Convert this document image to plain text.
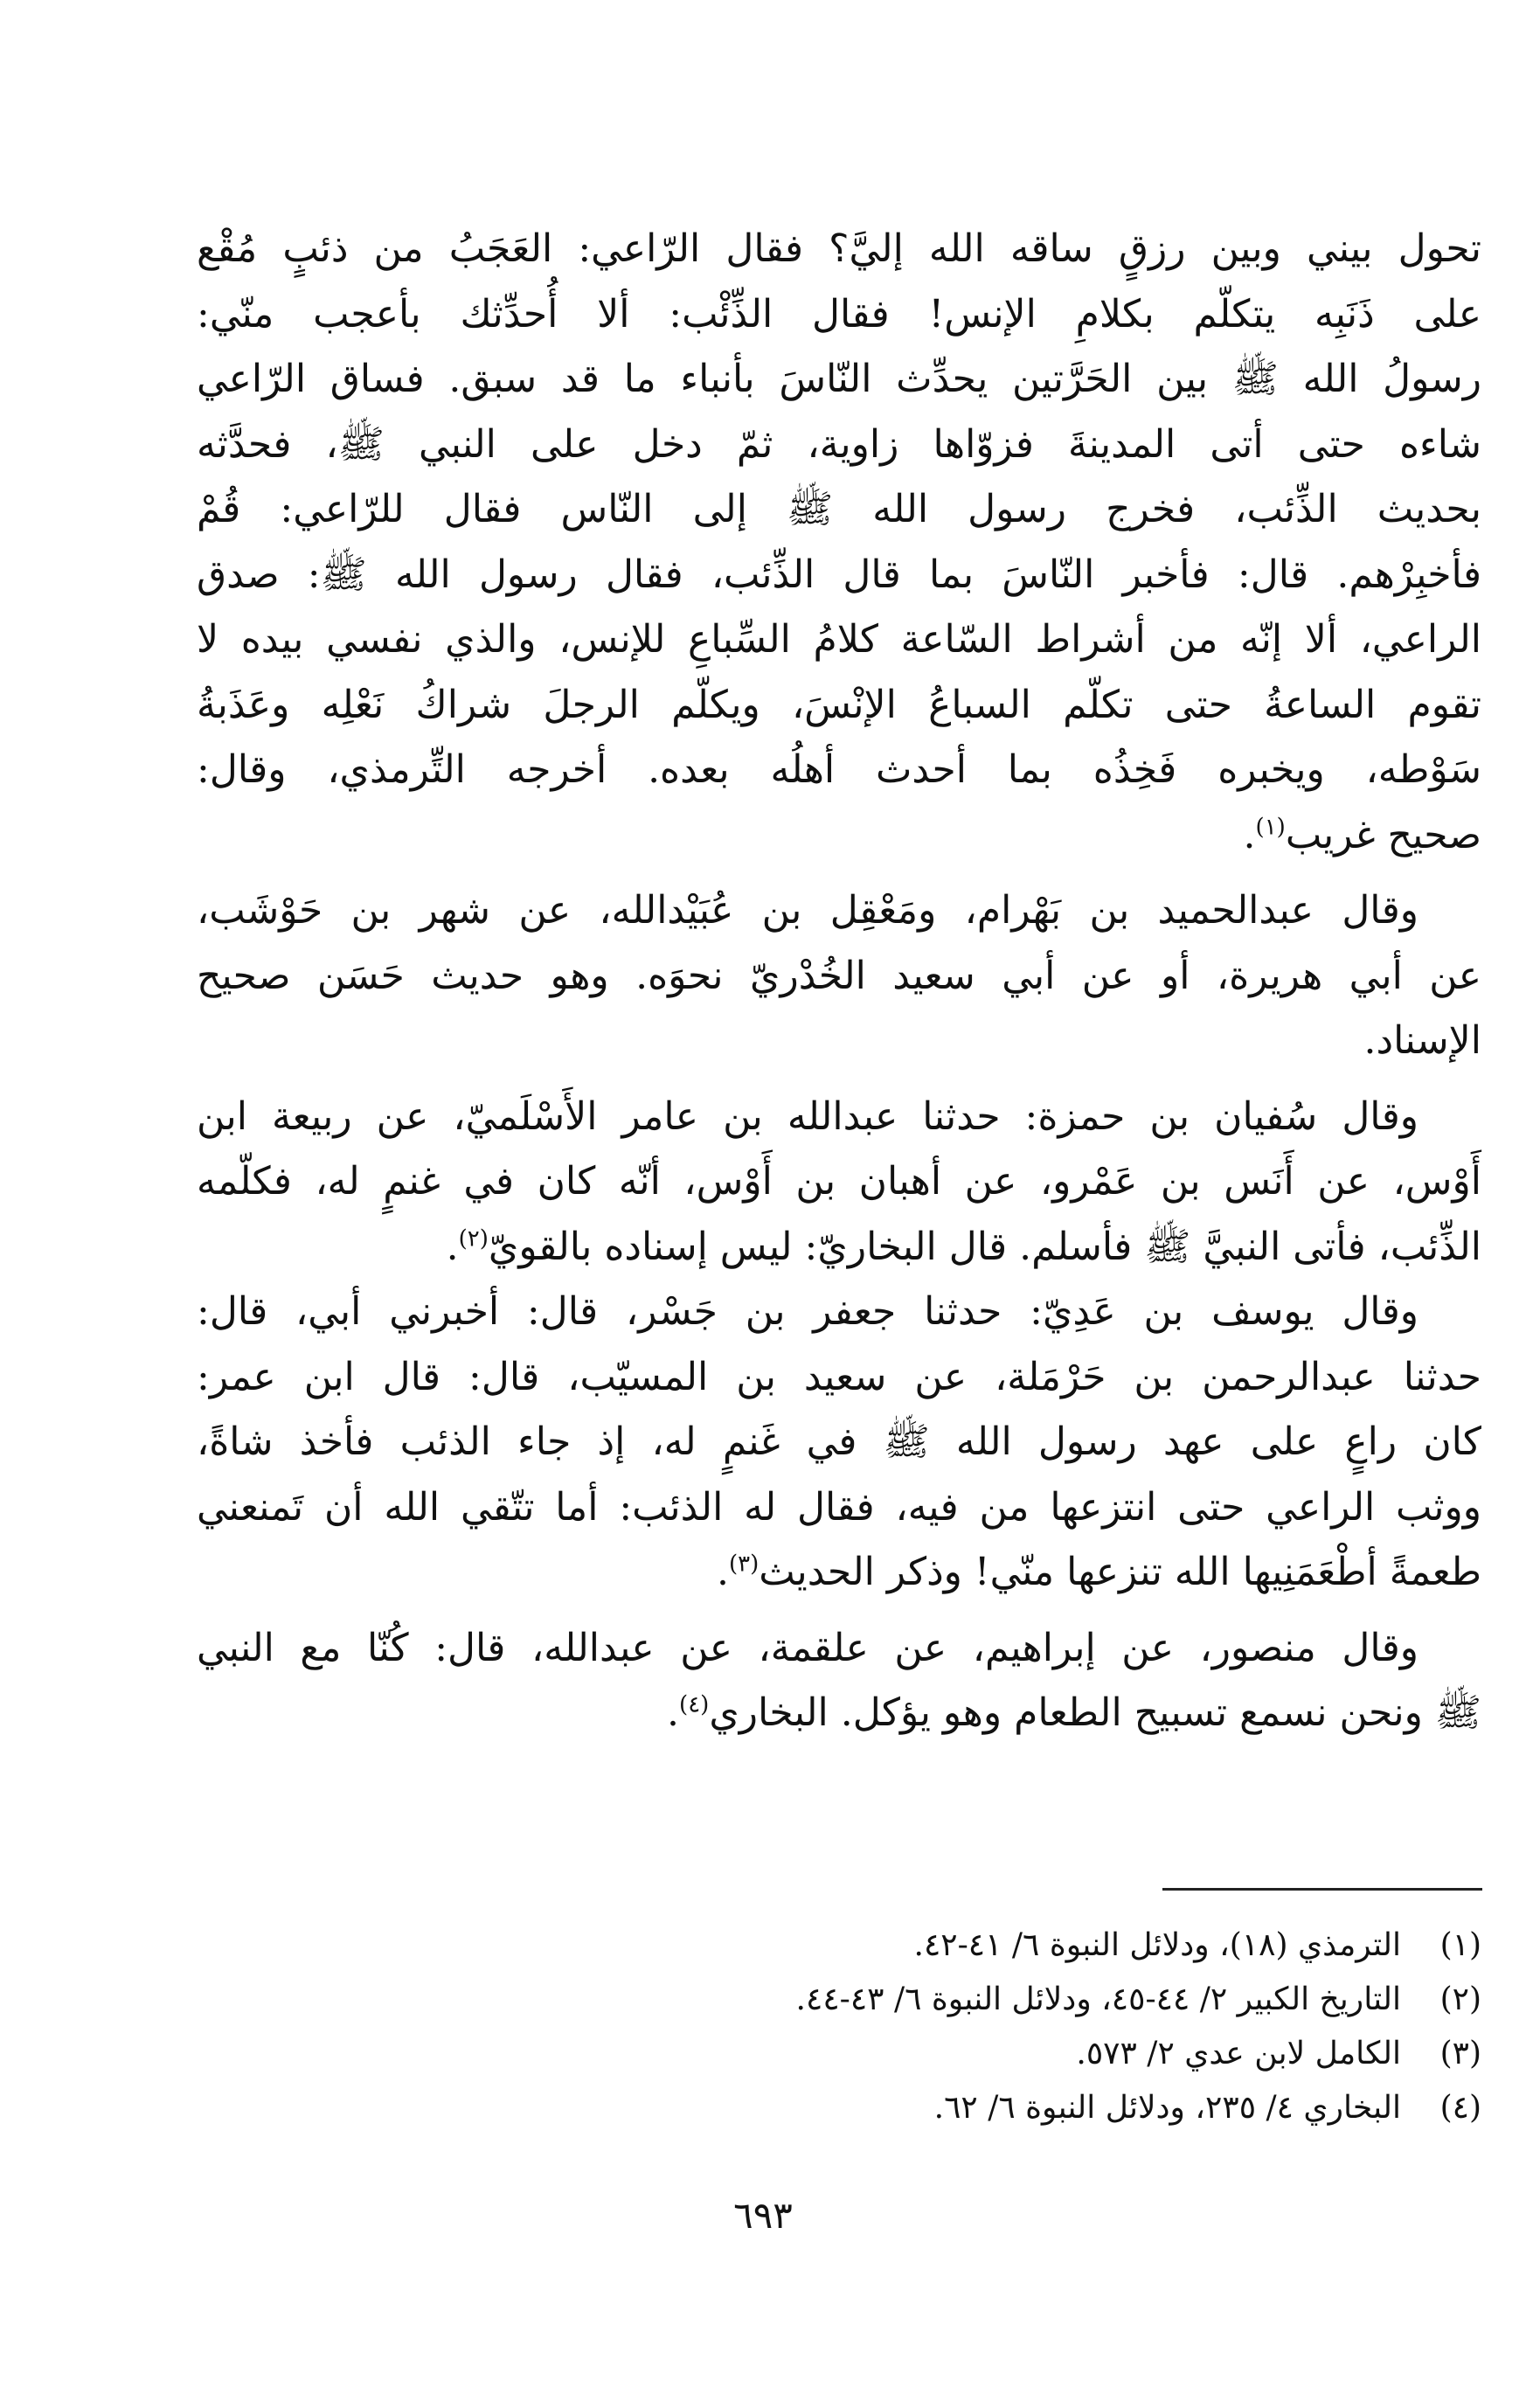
تحول بيني وبين رزقٍ ساقه الله إليَّ؟ فقال الرّاعي: العَجَبُ من ذئبٍ مُقْع
على ذَنَبِه يتكلّم بكلامِ الإنس! فقال الذِّئْب: ألا أُحدِّثك بأعجب منّي:
رسولُ الله ﷺ بين الحَرَّتين يحدِّث النّاسَ بأنباء ما قد سبق. فساق الرّاعي
شاءه حتى أتى المدينةَ فزوّاها زاوية، ثمّ دخل على النبي ﷺ، فحدَّثه
بحديث الذِّئب، فخرج رسول الله ﷺ إلى النّاس فقال للرّاعي: قُمْ
فأخبِرْهم. قال: فأخبر النّاسَ بما قال الذِّئب، فقال رسول الله ﷺ: صدق
الراعي، ألا إنّه من أشراط السّاعة كلامُ السِّباعِ للإنس، والذي نفسي بيده لا
تقوم الساعةُ حتى تكلّم السباعُ الإنْسَ، ويكلّم الرجلَ شراكُ نَعْلِه وعَذَبةُ
سَوْطه، ويخبره فَخِذُه بما أحدث أهلُه بعده. أخرجه التِّرمذي، وقال:
صحيح غريب$^{(١)}$.
وقال عبدالحميد بن بَهْرام، ومَعْقِل بن عُبَيْدالله، عن شهر بن حَوْشَب،
عن أبي هريرة، أو عن أبي سعيد الخُدْريّ نحوَه. وهو حديث حَسَن صحيح
الإسناد.
وقال سُفيان بن حمزة: حدثنا عبدالله بن عامر الأَسْلَميّ، عن ربيعة ابن
أَوْس، عن أَنَس بن عَمْرو، عن أهبان بن أَوْس، أنّه كان في غنمٍ له، فكلّمه
الذِّئب، فأتى النبيَّ ﷺ فأسلم. قال البخاريّ: ليس إسناده بالقويّ$^{(٢)}$.
وقال يوسف بن عَدِيّ: حدثنا جعفر بن جَسْر، قال: أخبرني أبي، قال:
حدثنا عبدالرحمن بن حَرْمَلة، عن سعيد بن المسيّب، قال: قال ابن عمر:
كان راعٍ على عهد رسول الله ﷺ في غَنمٍ له، إذ جاء الذئب فأخذ شاةً،
ووثب الراعي حتى انتزعها من فيه، فقال له الذئب: أما تتّقي الله أن تَمنعني
طعمةً أطْعَمَنِيها الله تنزعها منّي! وذكر الحديث$^{(٣)}$.
وقال منصور، عن إبراهيم، عن علقمة، عن عبدالله، قال: كُنّا مع النبي
ﷺ ونحن نسمع تسبيح الطعام وهو يؤكل. البخاري$^{(٤)}$.
(١)
الترمذي (١٨)، ودلائل النبوة ٦/ ٤١-٤٢.
(٢)
التاريخ الكبير ٢/ ٤٤-٤٥، ودلائل النبوة ٦/ ٤٣-٤٤.
(٣)
الكامل لابن عدي ٢/ ٥٧٣.
(٤)
البخاري ٤/ ٢٣٥، ودلائل النبوة ٦/ ٦٢.
٦٩٣
